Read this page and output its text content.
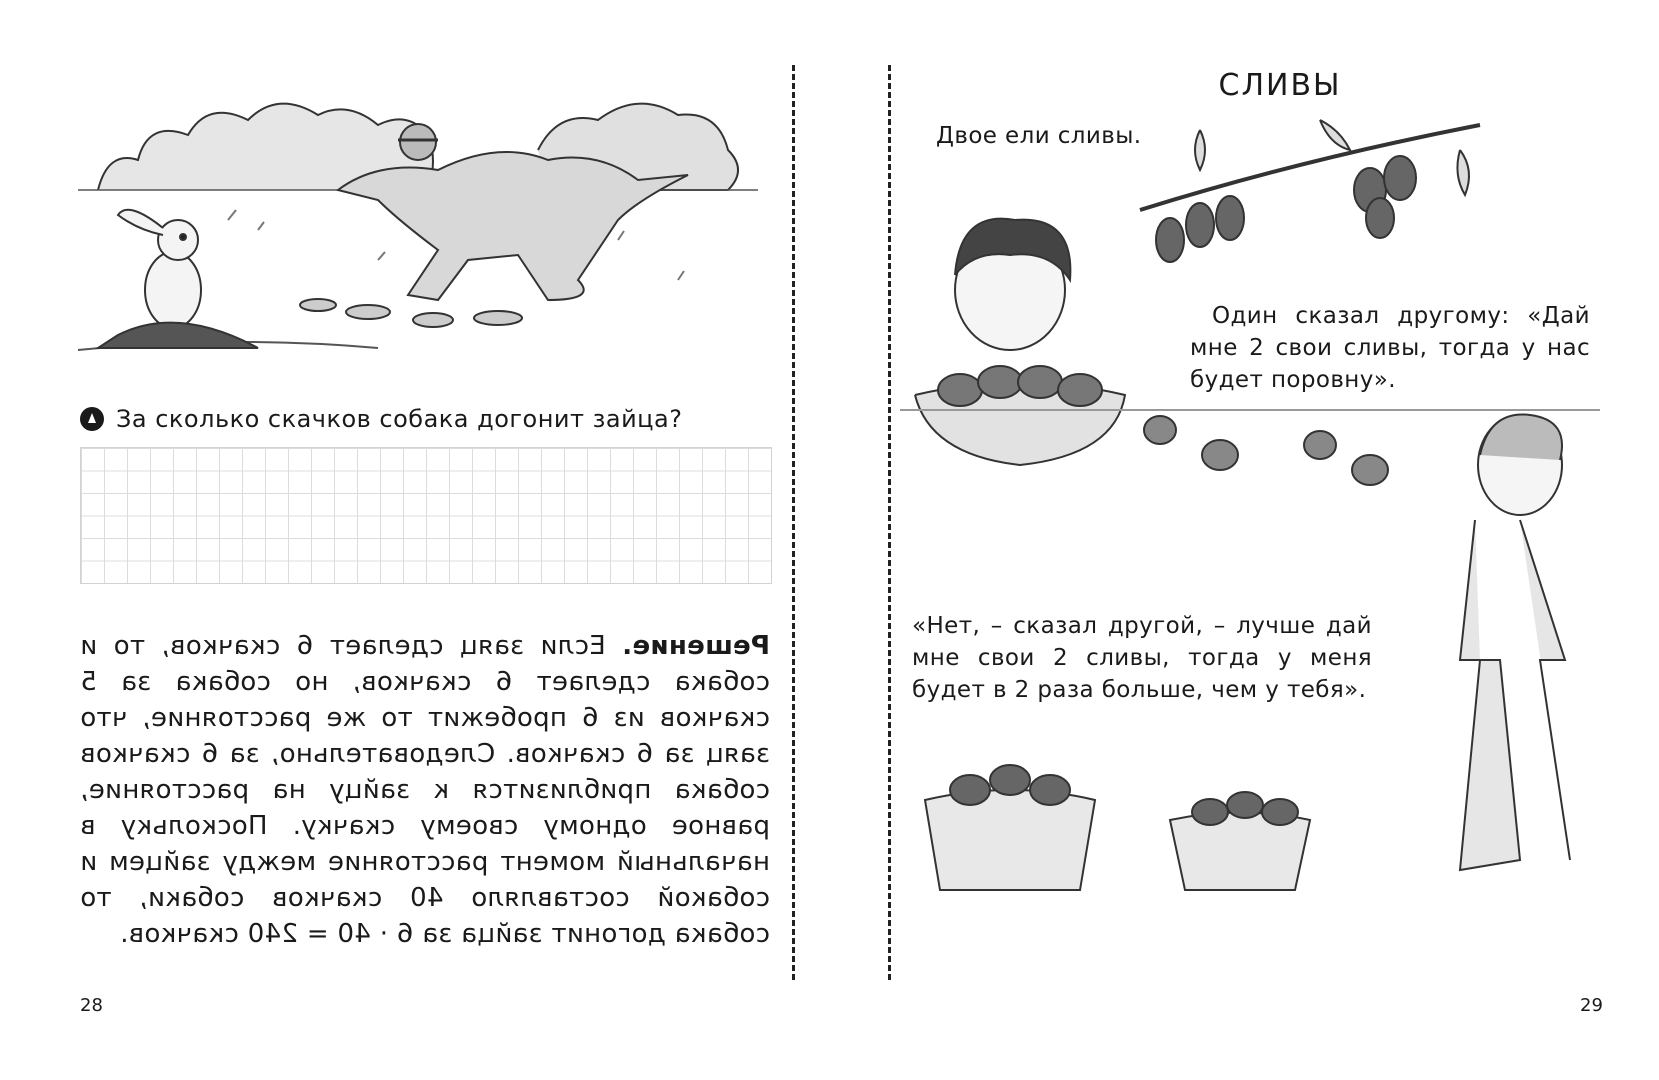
За сколько скачков собака догонит зайца?
Решение. Если заяц сделает 6 скачков, то и собака сделает 6 скачков, но собака за 5 скачков из 6 пробежит то же расстояние, что заяц за 6 скачков. Следовательно, за 6 скачков собака приблизится к зайцу на расстояние, равное одному своему скачку. Поскольку в начальный момент расстояние между зайцем и собакой составляло 40 скачков собаки, то собака догонит зайца за 6 · 40 = 240 скачков.
28
СЛИВЫ
Двое ели сливы.
Один сказал другому: «Дай мне 2 свои сливы, тогда у нас будет поровну».
«Нет, – сказал другой, – лучше дай мне свои 2 сливы, тогда у меня будет в 2 раза больше, чем у тебя».
29
